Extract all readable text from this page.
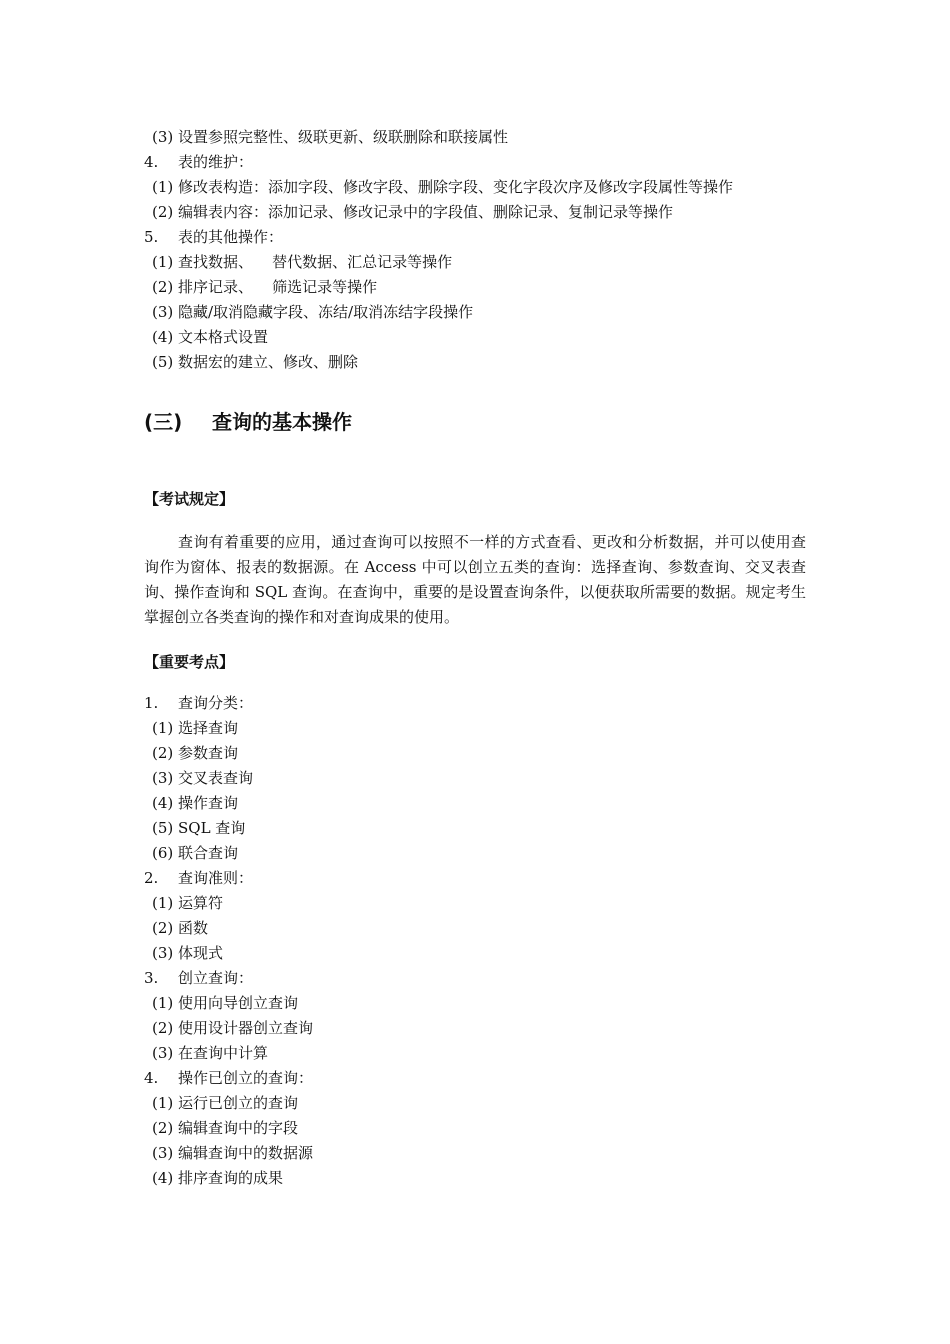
(3) 设置参照完整性、级联更新、级联删除和联接属性
4. 表的维护：
(1) 修改表构造：添加字段、修改字段、删除字段、变化字段次序及修改字段属性等操作
(2) 编辑表内容：添加记录、修改记录中的字段值、删除记录、复制记录等操作
5. 表的其他操作：
(1) 查找数据、    替代数据、汇总记录等操作
(2) 排序记录、    筛选记录等操作
(3) 隐藏/取消隐藏字段、冻结/取消冻结字段操作
(4) 文本格式设置
(5) 数据宏的建立、修改、删除
(三) 查询的基本操作
【考试规定】

查询有着重要的应用，通过查询可以按照不一样的方式查看、更改和分析数据，并可以使用查询作为窗体、报表的数据源。在 Access 中可以创立五类的查询：选择查询、参数查询、交叉表查询、操作查询和 SQL 查询。在查询中，重要的是设置查询条件，以便获取所需要的数据。规定考生掌握创立各类查询的操作和对查询成果的使用。

【重要考点】
1. 查询分类：
(1) 选择查询
(2) 参数查询
(3) 交叉表查询
(4) 操作查询
(5) SQL 查询
(6) 联合查询
2. 查询准则：
(1) 运算符
(2) 函数
(3) 体现式
3. 创立查询：
(1) 使用向导创立查询
(2) 使用设计器创立查询
(3) 在查询中计算
4. 操作已创立的查询：
(1) 运行已创立的查询
(2) 编辑查询中的字段
(3) 编辑查询中的数据源
(4) 排序查询的成果
